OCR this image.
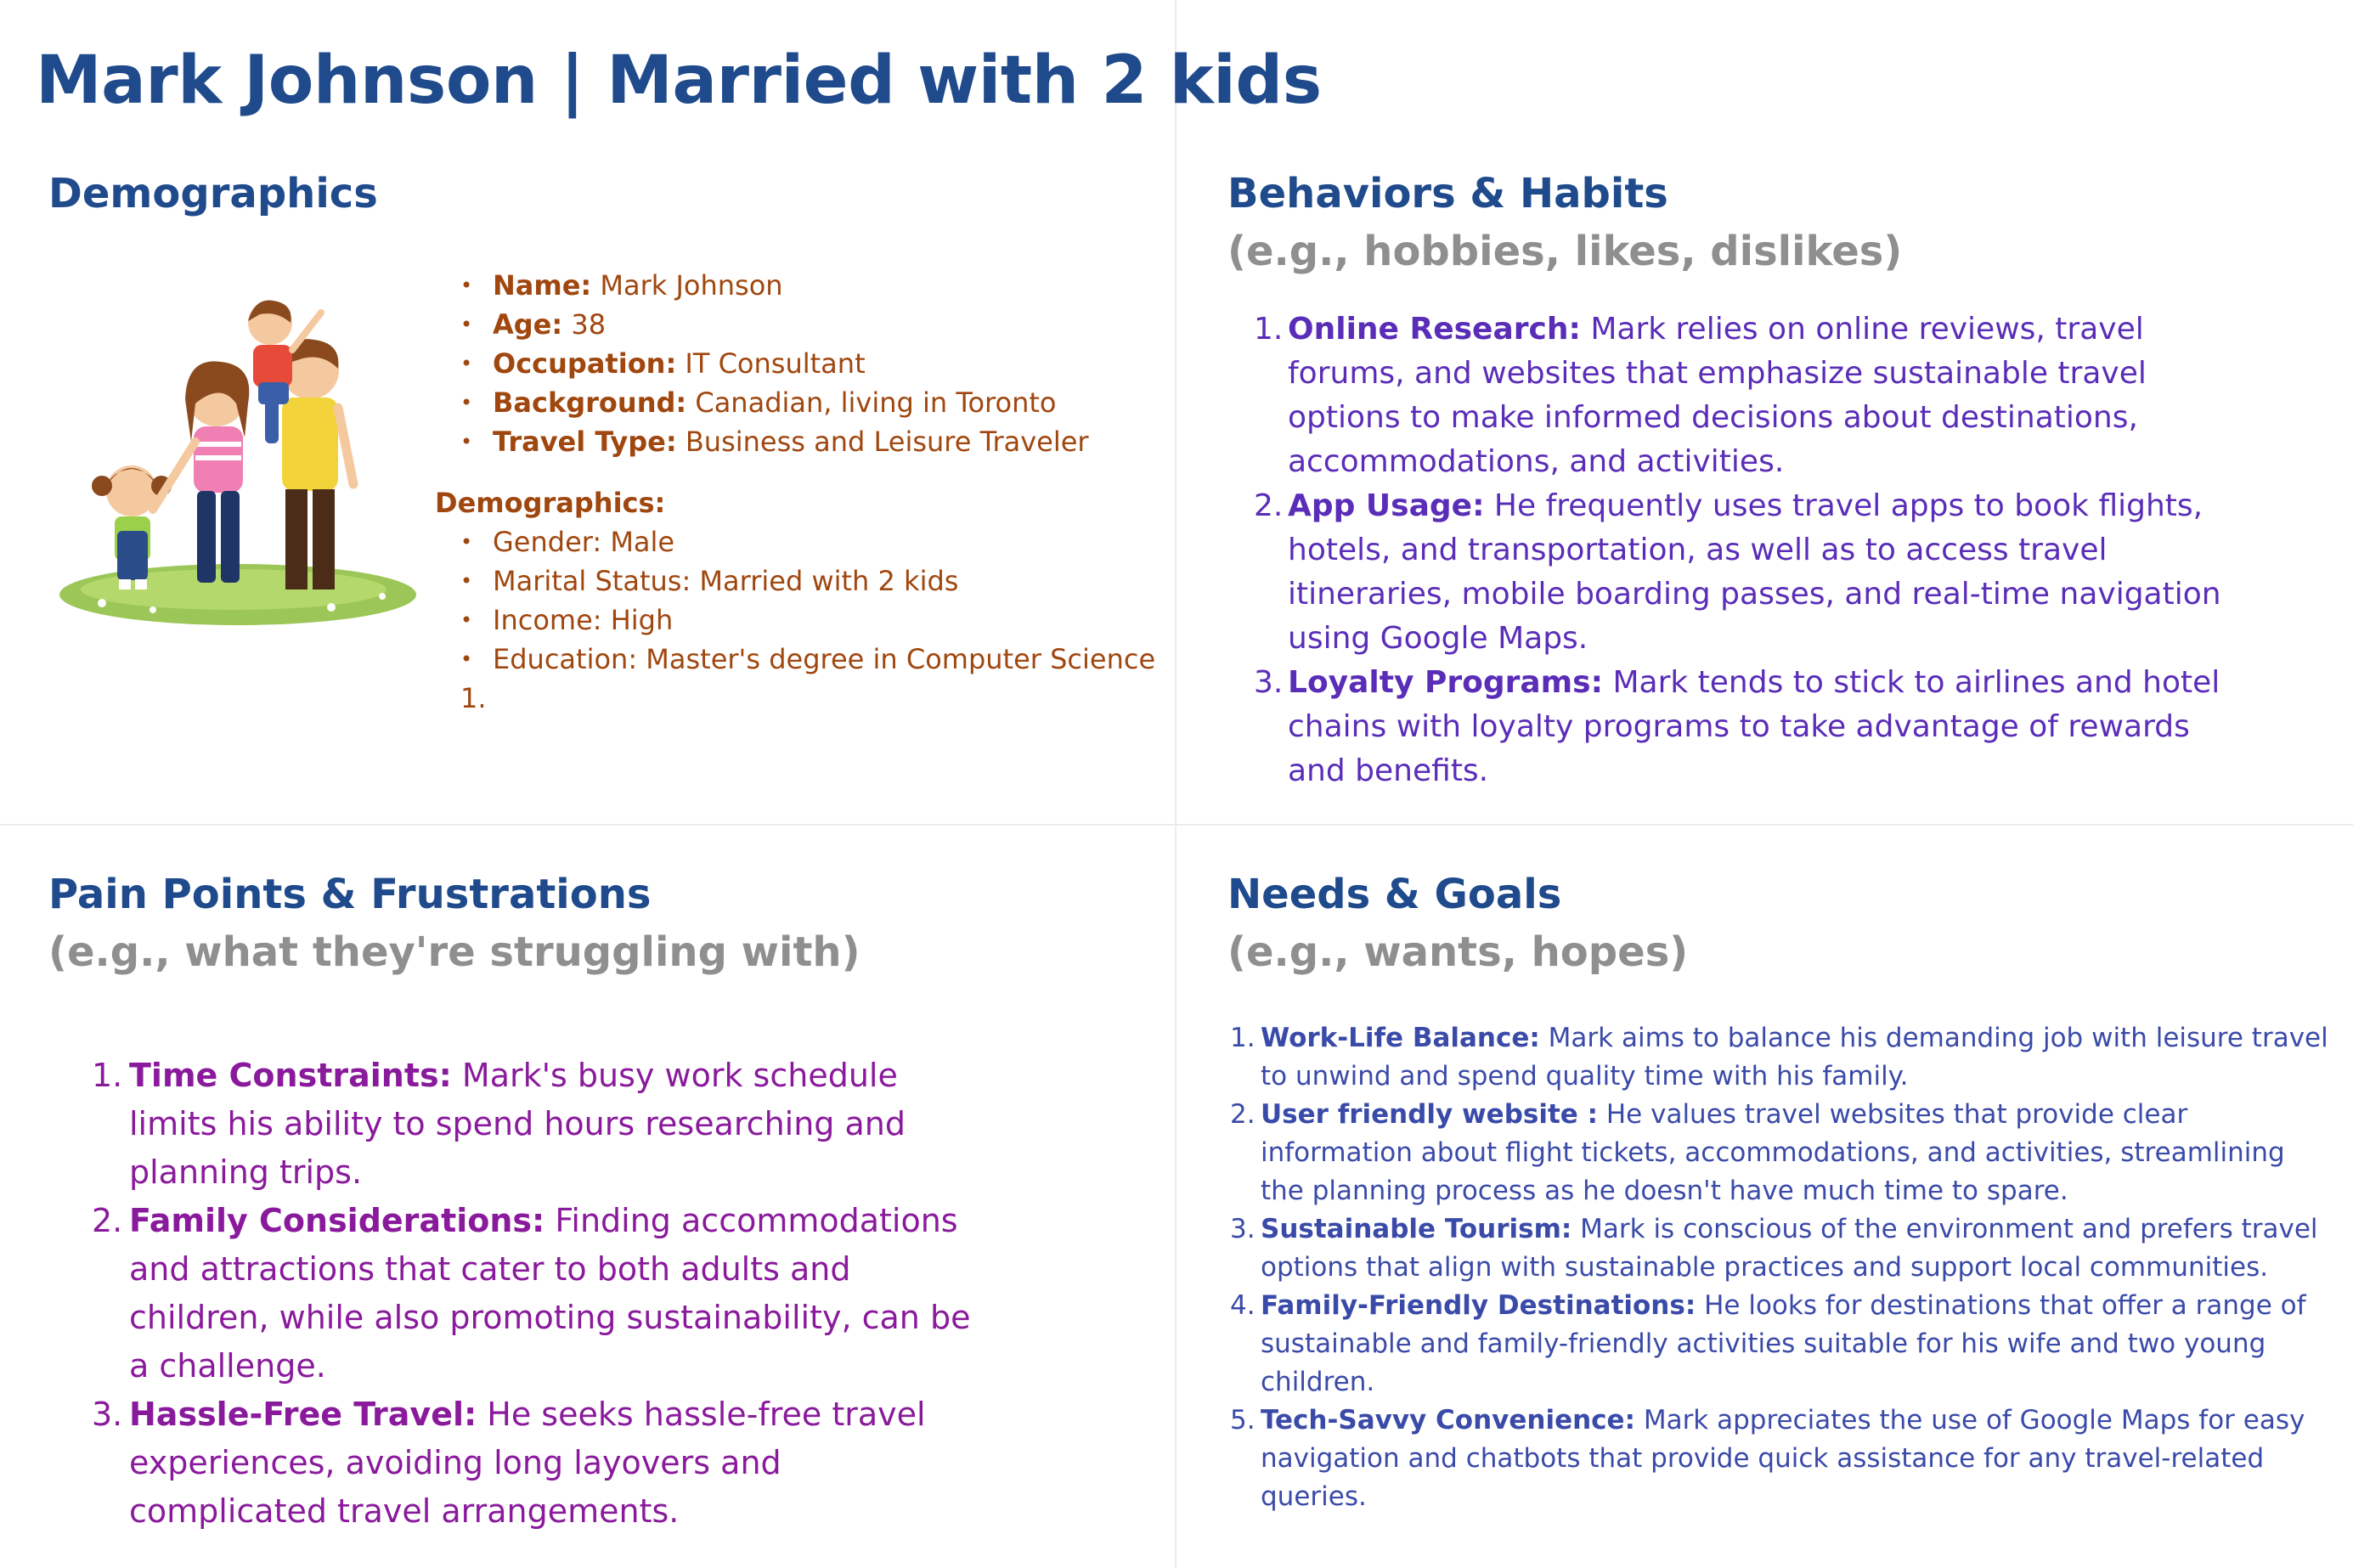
Mark Johnson | Married with 2 kids
Demographics
• Name: Mark Johnson
• Age: 38
• Occupation: IT Consultant
• Background: Canadian, living in Toronto
• Travel Type: Business and Leisure Traveler
Demographics:
• Gender: Male
• Marital Status: Married with 2 kids
• Income: High
• Education: Master's degree in Computer Science
1.
Behaviors & Habits
(e.g., hobbies, likes, dislikes)
1. Online Research: Mark relies on online reviews, travel forums, and websites that emphasize sustainable travel options to make informed decisions about destinations, accommodations, and activities.
2. App Usage: He frequently uses travel apps to book flights, hotels, and transportation, as well as to access travel itineraries, mobile boarding passes, and real-time navigation using Google Maps.
3. Loyalty Programs: Mark tends to stick to airlines and hotel chains with loyalty programs to take advantage of rewards and benefits.
Pain Points & Frustrations
(e.g., what they're struggling with)
1. Time Constraints: Mark's busy work schedule limits his ability to spend hours researching and planning trips.
2. Family Considerations: Finding accommodations and attractions that cater to both adults and children, while also promoting sustainability, can be a challenge.
3. Hassle-Free Travel: He seeks hassle-free travel experiences, avoiding long layovers and complicated travel arrangements.
Needs & Goals
(e.g., wants, hopes)
1. Work-Life Balance: Mark aims to balance his demanding job with leisure travel to unwind and spend quality time with his family.
2. User friendly website : He values travel websites that provide clear information about flight tickets, accommodations, and activities, streamlining the planning process as he doesn't have much time to spare.
3. Sustainable Tourism: Mark is conscious of the environment and prefers travel options that align with sustainable practices and support local communities.
4. Family-Friendly Destinations: He looks for destinations that offer a range of sustainable and family-friendly activities suitable for his wife and two young children.
5. Tech-Savvy Convenience: Mark appreciates the use of Google Maps for easy navigation and chatbots that provide quick assistance for any travel-related queries.
